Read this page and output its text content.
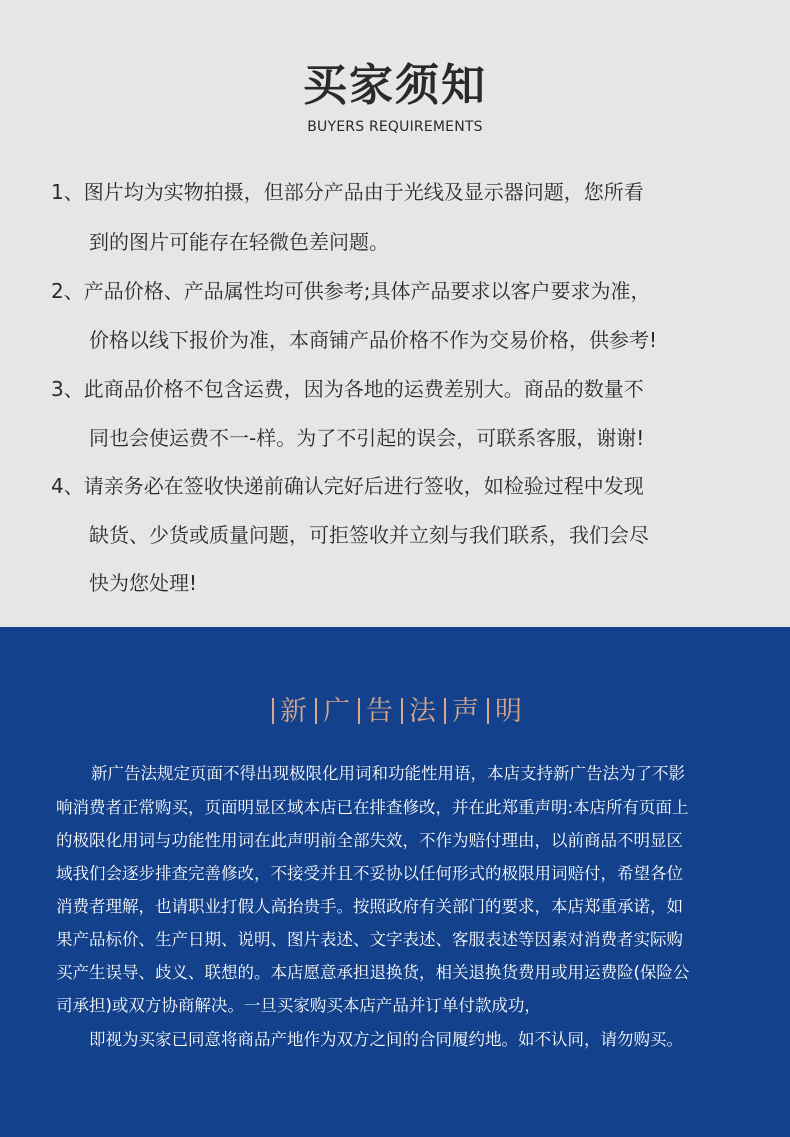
买家须知
BUYERS REQUIREMENTS
1、图片均为实物拍摄，但部分产品由于光线及显示器问题，您所看
到的图片可能存在轻微色差问题。
2、产品价格、产品属性均可供参考;具体产品要求以客户要求为准，
价格以线下报价为准，本商铺产品价格不作为交易价格，供参考!
3、此商品价格不包含运费，因为各地的运费差别大。商品的数量不
同也会使运费不一-样。为了不引起的误会，可联系客服，谢谢!
4、请亲务必在签收快递前确认完好后进行签收，如检验过程中发现
缺货、少货或质量问题，可拒签收并立刻与我们联系，我们会尽
快为您处理!
新 广 告 法 声 明
新广告法规定页面不得出现极限化用词和功能性用语，本店支持新广告法为了不影
响消费者正常购买，页面明显区域本店已在排查修改，并在此郑重声明:本店所有页面上
的极限化用词与功能性用词在此声明前全部失效，不作为赔付理由，以前商品不明显区
域我们会逐步排查完善修改，不接受并且不妥协以任何形式的极限用词赔付，希望各位
消费者理解，也请职业打假人高抬贵手。按照政府有关部门的要求，本店郑重承诺，如
果产品标价、生产日期、说明、图片表述、文字表述、客服表述等因素对消费者实际购
买产生误导、歧义、联想的。本店愿意承担退换货，相关退换货费用或用运费险(保险公
司承担)或双方协商解决。一旦买家购买本店产品并订单付款成功，
即视为买家已同意将商品产地作为双方之间的合同履约地。如不认同，请勿购买。
